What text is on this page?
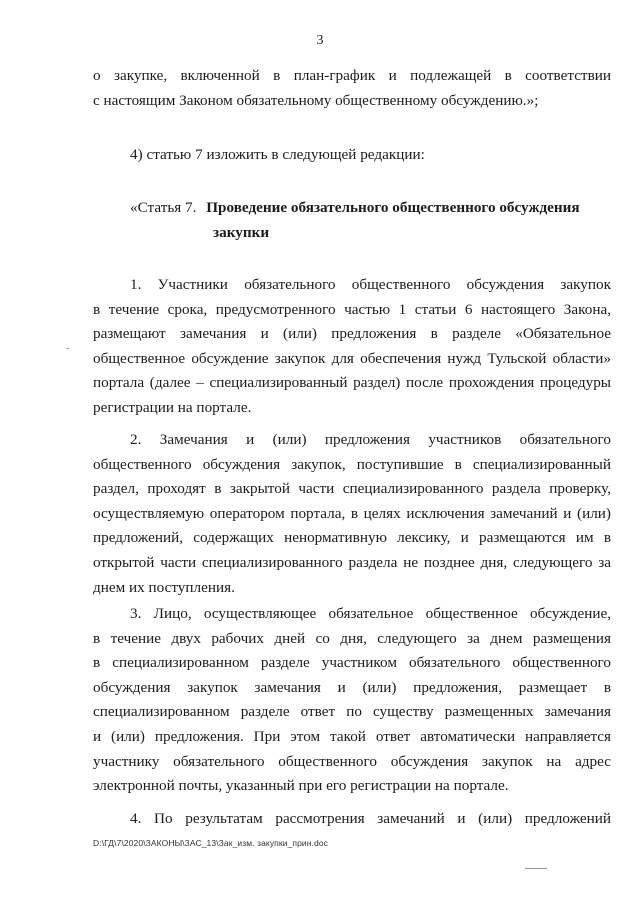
3
о закупке, включенной в план-график и подлежащей в соответствии
с настоящим Законом обязательному общественному обсуждению.»;
4) статью 7 изложить в следующей редакции:
«Статья 7. Проведение обязательного общественного обсуждения
закупки
1. Участники обязательного общественного обсуждения закупок
в течение срока, предусмотренного частью 1 статьи 6 настоящего Закона,
размещают замечания и (или) предложения в разделе «Обязательное
общественное обсуждение закупок для обеспечения нужд Тульской области»
портала (далее – специализированный раздел) после прохождения процедуры
регистрации на портале.
2. Замечания и (или) предложения участников обязательного
общественного обсуждения закупок, поступившие в специализированный
раздел, проходят в закрытой части специализированного раздела проверку,
осуществляемую оператором портала, в целях исключения замечаний и (или)
предложений, содержащих ненормативную лексику, и размещаются им в
открытой части специализированного раздела не позднее дня, следующего за
днем их поступления.
3. Лицо, осуществляющее обязательное общественное обсуждение,
в течение двух рабочих дней со дня, следующего за днем размещения
в специализированном разделе участником обязательного общественного
обсуждения закупок замечания и (или) предложения, размещает в
специализированном разделе ответ по существу размещенных замечания
и (или) предложения. При этом такой ответ автоматически направляется
участнику обязательного общественного обсуждения закупок на адрес
электронной почты, указанный при его регистрации на портале.
4. По результатам рассмотрения замечаний и (или) предложений
D:\ГД\7\2020\ЗАКОНЫ\ЗАС_13\Зак_изм. закупки_прин.doc
